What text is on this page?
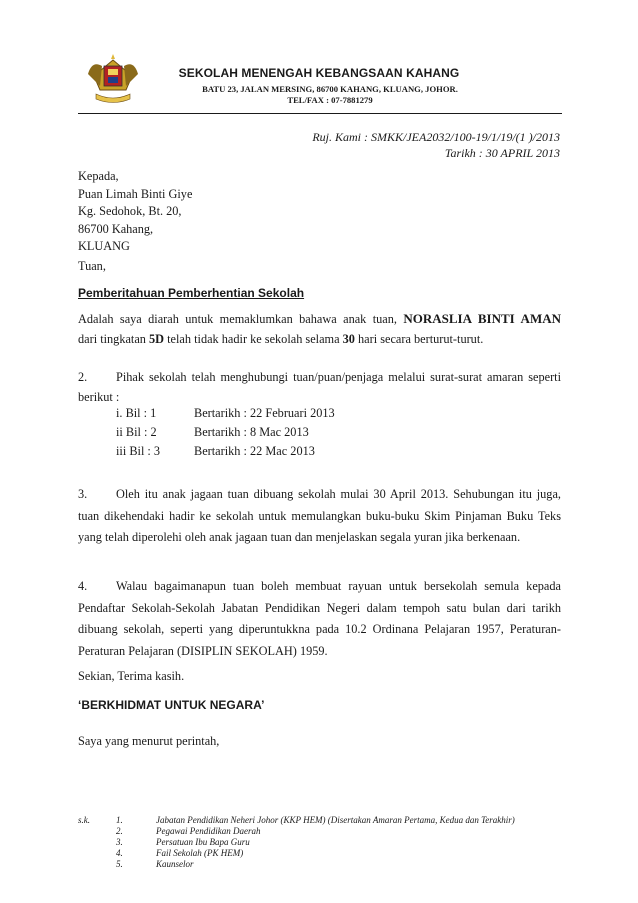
SEKOLAH MENENGAH KEBANGSAAN KAHANG
BATU 23, JALAN MERSING, 86700 KAHANG, KLUANG, JOHOR.
TEL/FAX : 07-7881279
Ruj. Kami : SMKK/JEA2032/100-19/1/19/(1 )/2013
Tarikh : 30 APRIL 2013
Kepada,
Puan Limah Binti Giye
Kg. Sedohok, Bt. 20,
86700 Kahang,
KLUANG
Tuan,
Pemberitahuan Pemberhentian Sekolah
Adalah saya diarah untuk memaklumkan bahawa anak tuan, NORASLIA BINTI AMAN
dari tingkatan 5D telah tidak hadir ke sekolah selama 30 hari secara berturut-turut.
2. Pihak sekolah telah menghubungi tuan/puan/penjaga melalui surat-surat amaran seperti berikut :
i. Bil : 1	Bertarikh : 22 Februari 2013
ii Bil : 2	Bertarikh : 8 Mac 2013
iii Bil : 3	Bertarikh : 22 Mac 2013
3. Oleh itu anak jagaan tuan dibuang sekolah mulai 30 April 2013. Sehubungan itu juga, tuan dikehendaki hadir ke sekolah untuk memulangkan buku-buku Skim Pinjaman Buku Teks yang telah diperolehi oleh anak jagaan tuan dan menjelaskan segala yuran jika berkenaan.
4. Walau bagaimanapun tuan boleh membuat rayuan untuk bersekolah semula kepada Pendaftar Sekolah-Sekolah Jabatan Pendidikan Negeri dalam tempoh satu bulan dari tarikh dibuang sekolah, seperti yang diperuntukkna pada 10.2 Ordinana Pelajaran 1957, Peraturan-Peraturan Pelajaran (DISIPLIN SEKOLAH) 1959.
Sekian, Terima kasih.
‘BERKHIDMAT UNTUK NEGARA’
Saya yang menurut perintah,
s.k.	1.	Jabatan Pendidikan Neheri Johor (KKP HEM) (Disertakan Amaran Pertama, Kedua dan Terakhir)
2.	Pegawai Pendidikan Daerah
3.	Persatuan Ibu Bapa Guru
4.	Fail Sekolah (PK HEM)
5.	Kaunselor
